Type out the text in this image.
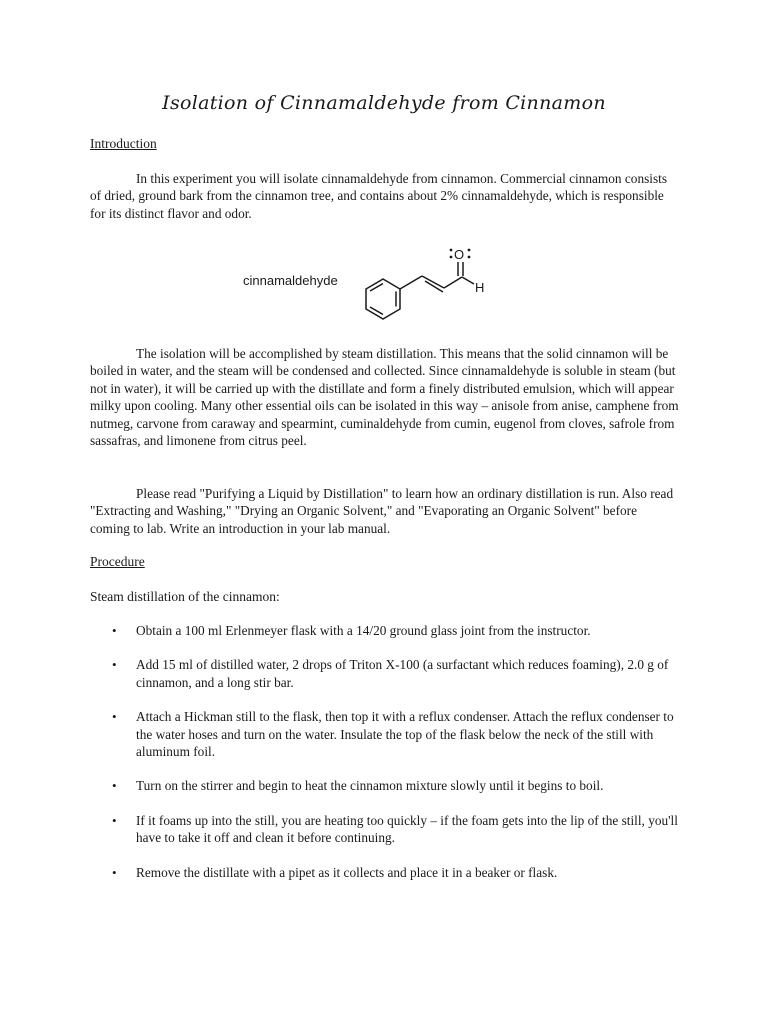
Isolation of Cinnamaldehyde from Cinnamon
Introduction

In this experiment you will isolate cinnamaldehyde from cinnamon. Commercial cinnamon consists of dried, ground bark from the cinnamon tree, and contains about 2% cinnamaldehyde, which is responsible for its distinct flavor and odor.

cinnamaldehyde
O
H

The isolation will be accomplished by steam distillation. This means that the solid cinnamon will be boiled in water, and the steam will be condensed and collected. Since cinnamaldehyde is soluble in steam (but not in water), it will be carried up with the distillate and form a finely distributed emulsion, which will appear milky upon cooling. Many other essential oils can be isolated in this way – anisole from anise, camphene from nutmeg, carvone from caraway and spearmint, cuminaldehyde from cumin, eugenol from cloves, safrole from sassafras, and limonene from citrus peel.

Please read "Purifying a Liquid by Distillation" to learn how an ordinary distillation is run. Also read "Extracting and Washing," "Drying an Organic Solvent," and "Evaporating an Organic Solvent" before coming to lab. Write an introduction in your lab manual.

Procedure
Steam distillation of the cinnamon:
• Obtain a 100 ml Erlenmeyer flask with a 14/20 ground glass joint from the instructor.
• Add 15 ml of distilled water, 2 drops of Triton X-100 (a surfactant which reduces foaming), 2.0 g of cinnamon, and a long stir bar.
• Attach a Hickman still to the flask, then top it with a reflux condenser. Attach the reflux condenser to the water hoses and turn on the water. Insulate the top of the flask below the neck of the still with aluminum foil.
• Turn on the stirrer and begin to heat the cinnamon mixture slowly until it begins to boil.
• If it foams up into the still, you are heating too quickly – if the foam gets into the lip of the still, you'll have to take it off and clean it before continuing.
• Remove the distillate with a pipet as it collects and place it in a beaker or flask.
